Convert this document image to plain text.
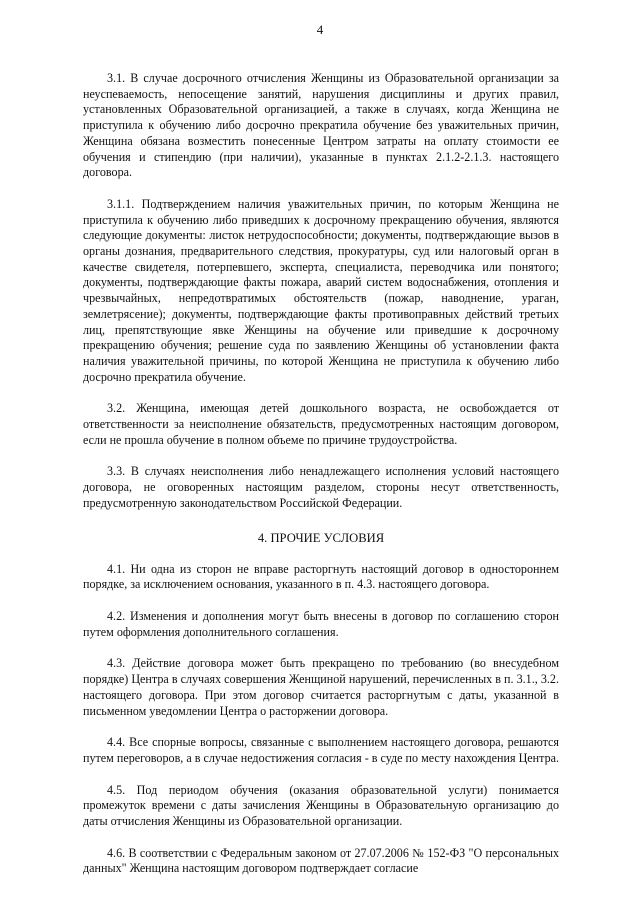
4

3.1. В случае досрочного отчисления Женщины из Образовательной организации за неуспеваемость, непосещение занятий, нарушения дисциплины и других правил, установленных Образовательной организацией, а также в случаях, когда Женщина не приступила к обучению либо досрочно прекратила обучение без уважительных причин, Женщина обязана возместить понесенные Центром затраты на оплату стоимости ее обучения и стипендию (при наличии), указанные в пунктах 2.1.2-2.1.3. настоящего договора.

3.1.1. Подтверждением наличия уважительных причин, по которым Женщина не приступила к обучению либо приведших к досрочному прекращению обучения, являются следующие документы: листок нетрудоспособности; документы, подтверждающие вызов в органы дознания, предварительного следствия, прокуратуры, суд или налоговый орган в качестве свидетеля, потерпевшего, эксперта, специалиста, переводчика или понятого; документы, подтверждающие факты пожара, аварий систем водоснабжения, отопления и чрезвычайных, непредотвратимых обстоятельств (пожар, наводнение, ураган, землетрясение); документы, подтверждающие факты противоправных действий третьих лиц, препятствующие явке Женщины на обучение или приведшие к досрочному прекращению обучения; решение суда по заявлению Женщины об установлении факта наличия уважительной причины, по которой Женщина не приступила к обучению либо досрочно прекратила обучение.

3.2. Женщина, имеющая детей дошкольного возраста, не освобождается от ответственности за неисполнение обязательств, предусмотренных настоящим договором, если не прошла обучение в полном объеме по причине трудоустройства.

3.3. В случаях неисполнения либо ненадлежащего исполнения условий настоящего договора, не оговоренных настоящим разделом, стороны несут ответственность, предусмотренную законодательством Российской Федерации.

4. ПРОЧИЕ УСЛОВИЯ

4.1. Ни одна из сторон не вправе расторгнуть настоящий договор в одностороннем порядке, за исключением основания, указанного в п. 4.3. настоящего договора.

4.2. Изменения и дополнения могут быть внесены в договор по соглашению сторон путем оформления дополнительного соглашения.

4.3. Действие договора может быть прекращено по требованию (во внесудебном порядке) Центра в случаях совершения Женщиной нарушений, перечисленных в п. 3.1., 3.2. настоящего договора. При этом договор считается расторгнутым с даты, указанной в письменном уведомлении Центра о расторжении договора.

4.4. Все спорные вопросы, связанные с выполнением настоящего договора, решаются путем переговоров, а в случае недостижения согласия - в суде по месту нахождения Центра.

4.5. Под периодом обучения (оказания образовательной услуги) понимается промежуток времени с даты зачисления Женщины в Образовательную организацию до даты отчисления Женщины из Образовательной организации.

4.6. В соответствии с Федеральным законом от 27.07.2006 № 152-ФЗ "О персональных данных" Женщина настоящим договором подтверждает согласие
